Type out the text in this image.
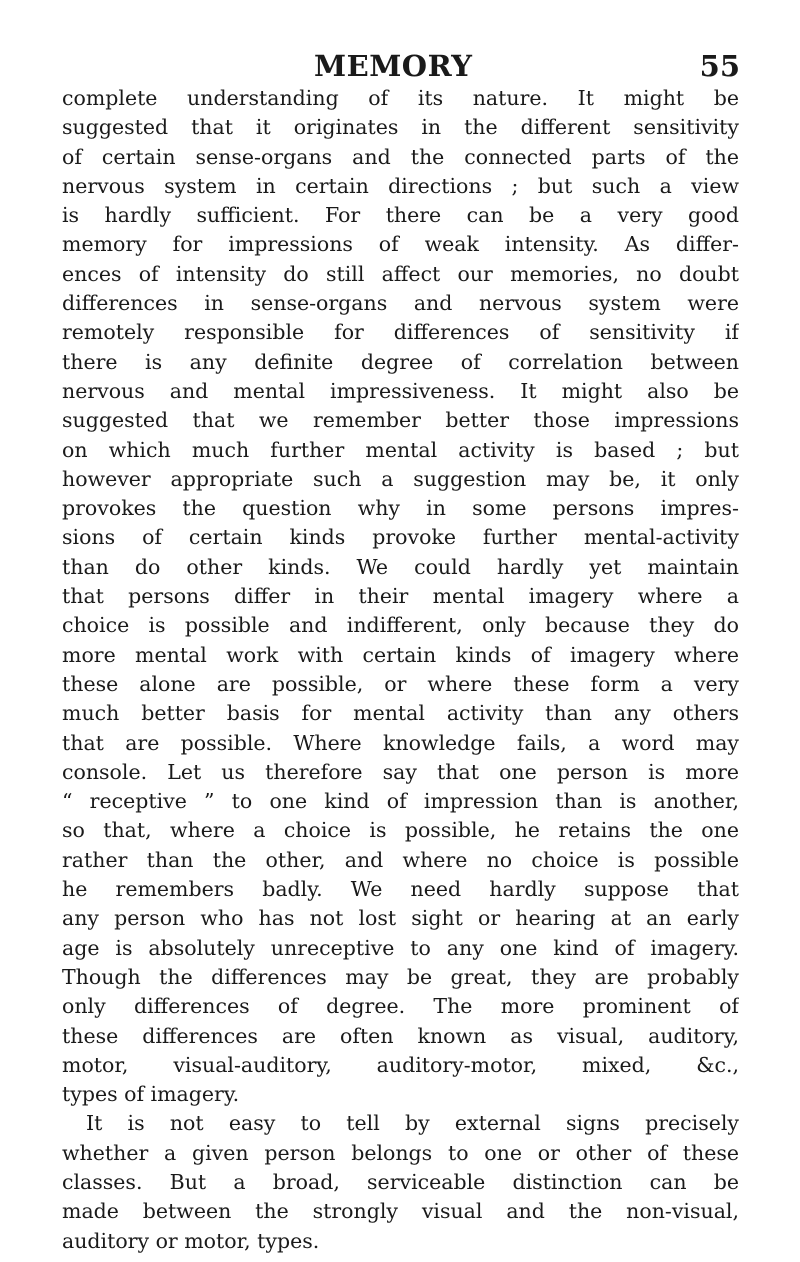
MEMORY	55
complete understanding of its nature. It might be
suggested that it originates in the different sensitivity
of certain sense-organs and the connected parts of the
nervous system in certain directions ; but such a view
is hardly sufficient. For there can be a very good
memory for impressions of weak intensity. As differ-
ences of intensity do still affect our memories, no doubt
differences in sense-organs and nervous system were
remotely responsible for differences of sensitivity if
there is any definite degree of correlation between
nervous and mental impressiveness. It might also be
suggested that we remember better those impressions
on which much further mental activity is based ; but
however appropriate such a suggestion may be, it only
provokes the question why in some persons impres-
sions of certain kinds provoke further mental-activity
than do other kinds. We could hardly yet maintain
that persons differ in their mental imagery where a
choice is possible and indifferent, only because they do
more mental work with certain kinds of imagery where
these alone are possible, or where these form a very
much better basis for mental activity than any others
that are possible. Where knowledge fails, a word may
console. Let us therefore say that one person is more
“ receptive ” to one kind of impression than is another,
so that, where a choice is possible, he retains the one
rather than the other, and where no choice is possible
he remembers badly. We need hardly suppose that
any person who has not lost sight or hearing at an early
age is absolutely unreceptive to any one kind of imagery.
Though the differences may be great, they are probably
only differences of degree. The more prominent of
these differences are often known as visual, auditory,
motor, visual-auditory, auditory-motor, mixed, &c.,
types of imagery.
It is not easy to tell by external signs precisely
whether a given person belongs to one or other of these
classes. But a broad, serviceable distinction can be
made between the strongly visual and the non-visual,
auditory or motor, types.
